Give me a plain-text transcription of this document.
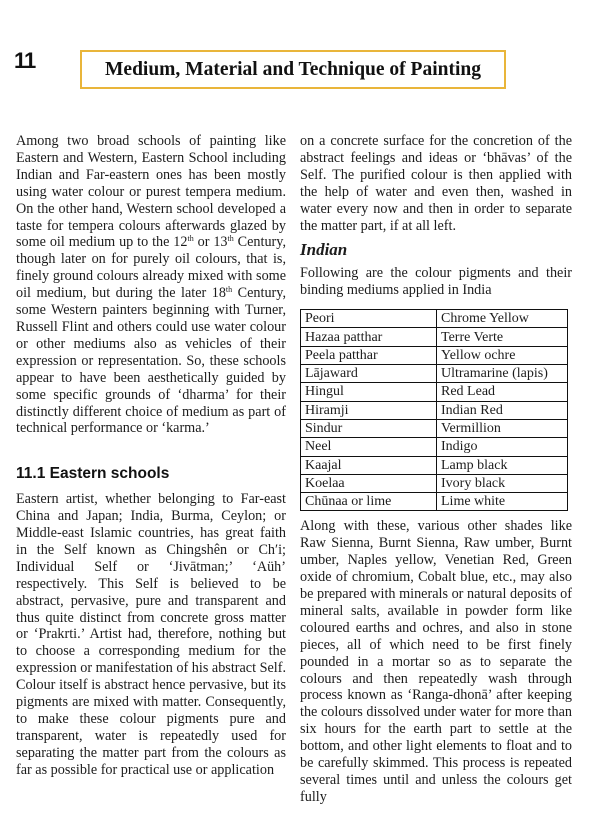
11	Medium, Material and Technique of Painting

Among two broad schools of painting like Eastern and Western, Eastern School including Indian and Far-eastern ones has been mostly using water colour or purest tempera medium. On the other hand, Western school developed a taste for tempera colours afterwards glazed by some oil medium up to the 12th or 13th Century, though later on for purely oil colours, that is, finely ground colours already mixed with some oil medium, but during the later 18th Century, some Western painters beginning with Turner, Russell Flint and others could use water colour or other mediums also as vehicles of their expression or representation. So, these schools appear to have been aesthetically guided by some specific grounds of ‘dharma’ for their distinctly different choice of medium as part of technical performance or ‘karma.’

11.1 Eastern schools

Eastern artist, whether belonging to Far-east China and Japan; India, Burma, Ceylon; or Middle-east Islamic countries, has great faith in the Self known as Chingshên or Ch′i; Individual Self or ‘Jivātman;’ ‘Aüh’ respectively. This Self is believed to be abstract, pervasive, pure and transparent and thus quite distinct from concrete gross matter or ‘Prakrti.’ Artist had, therefore, nothing but to choose a corresponding medium for the expression or manifestation of his abstract Self. Colour itself is abstract hence pervasive, but its pigments are mixed with matter. Consequently, to make these colour pigments pure and transparent, water is repeatedly used for separating the matter part from the colours as far as possible for practical use or application

on a concrete surface for the concretion of the abstract feelings and ideas or ‘bhāvas’ of the Self. The purified colour is then applied with the help of water and even then, washed in water every now and then in order to separate the matter part, if at all left.

Indian

Following are the colour pigments and their binding mediums applied in India

Peori	Chrome Yellow
Hazaa patthar	Terre Verte
Peela patthar	Yellow ochre
Lājaward	Ultramarine (lapis)
Hingul	Red Lead
Hiramji	Indian Red
Sindur	Vermillion
Neel	Indigo
Kaajal	Lamp black
Koelaa	Ivory black
Chūnaa or lime	Lime white

Along with these, various other shades like Raw Sienna, Burnt Sienna, Raw umber, Burnt umber, Naples yellow, Venetian Red, Green oxide of chromium, Cobalt blue, etc., may also be prepared with minerals or natural deposits of mineral salts, available in powder form like coloured earths and ochres, and also in stone pieces, all of which need to be first finely pounded in a mortar so as to separate the colours and then repeatedly wash through process known as ‘Ranga-dhonā’ after keeping the colours dissolved under water for more than six hours for the earth part to settle at the bottom, and other light elements to float and to be carefully skimmed. This process is repeated several times until and unless the colours get fully
